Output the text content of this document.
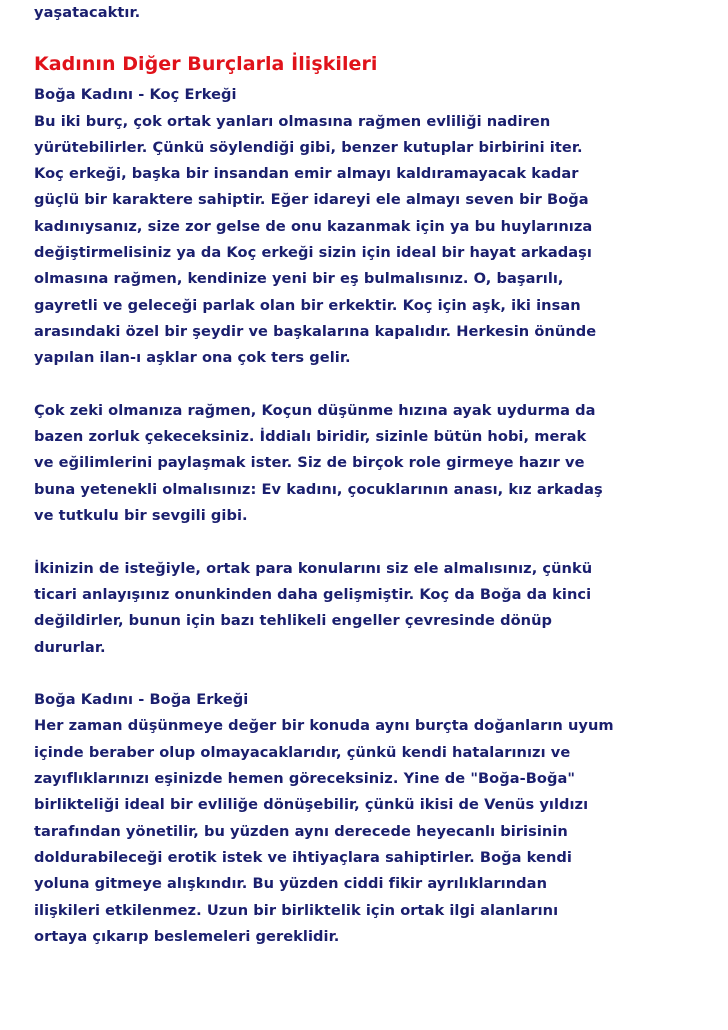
yaşatacaktır.
Kadının Diğer Burçlarla İlişkileri
Boğa Kadını - Koç Erkeği
Bu iki burç, çok ortak yanları olmasına rağmen evliliği nadiren
yürütebilirler. Çünkü söylendiği gibi, benzer kutuplar birbirini iter.
Koç erkeği, başka bir insandan emir almayı kaldıramayacak kadar
güçlü bir karaktere sahiptir. Eğer idareyi ele almayı seven bir Boğa
kadınıysanız, size zor gelse de onu kazanmak için ya bu huylarınıza
değiştirmelisiniz ya da Koç erkeği sizin için ideal bir hayat arkadaşı
olmasına rağmen, kendinize yeni bir eş bulmalısınız. O, başarılı,
gayretli ve geleceği parlak olan bir erkektir. Koç için aşk, iki insan
arasındaki özel bir şeydir ve başkalarına kapalıdır. Herkesin önünde
yapılan ilan-ı aşklar ona çok ters gelir.
Çok zeki olmanıza rağmen, Koçun düşünme hızına ayak uydurma da
bazen zorluk çekeceksiniz. İddialı biridir, sizinle bütün hobi, merak
ve eğilimlerini paylaşmak ister. Siz de birçok role girmeye hazır ve
buna yetenekli olmalısınız: Ev kadını, çocuklarının anası, kız arkadaş
ve tutkulu bir sevgili gibi.
İkinizin de isteğiyle, ortak para konularını siz ele almalısınız, çünkü
ticari anlayışınız onunkinden daha gelişmiştir. Koç da Boğa da kinci
değildirler, bunun için bazı tehlikeli engeller çevresinde dönüp
dururlar.
Boğa Kadını - Boğa Erkeği
Her zaman düşünmeye değer bir konuda aynı burçta doğanların uyum
içinde beraber olup olmayacaklarıdır, çünkü kendi hatalarınızı ve
zayıflıklarınızı eşinizde hemen göreceksiniz. Yine de "Boğa-Boğa"
birlikteliği ideal bir evliliğe dönüşebilir, çünkü ikisi de Venüs yıldızı
tarafından yönetilir, bu yüzden aynı derecede heyecanlı birisinin
doldurabileceği erotik istek ve ihtiyaçlara sahiptirler. Boğa kendi
yoluna gitmeye alışkındır. Bu yüzden ciddi fikir ayrılıklarından
ilişkileri etkilenmez. Uzun bir birliktelik için ortak ilgi alanlarını
ortaya çıkarıp beslemeleri gereklidir.
